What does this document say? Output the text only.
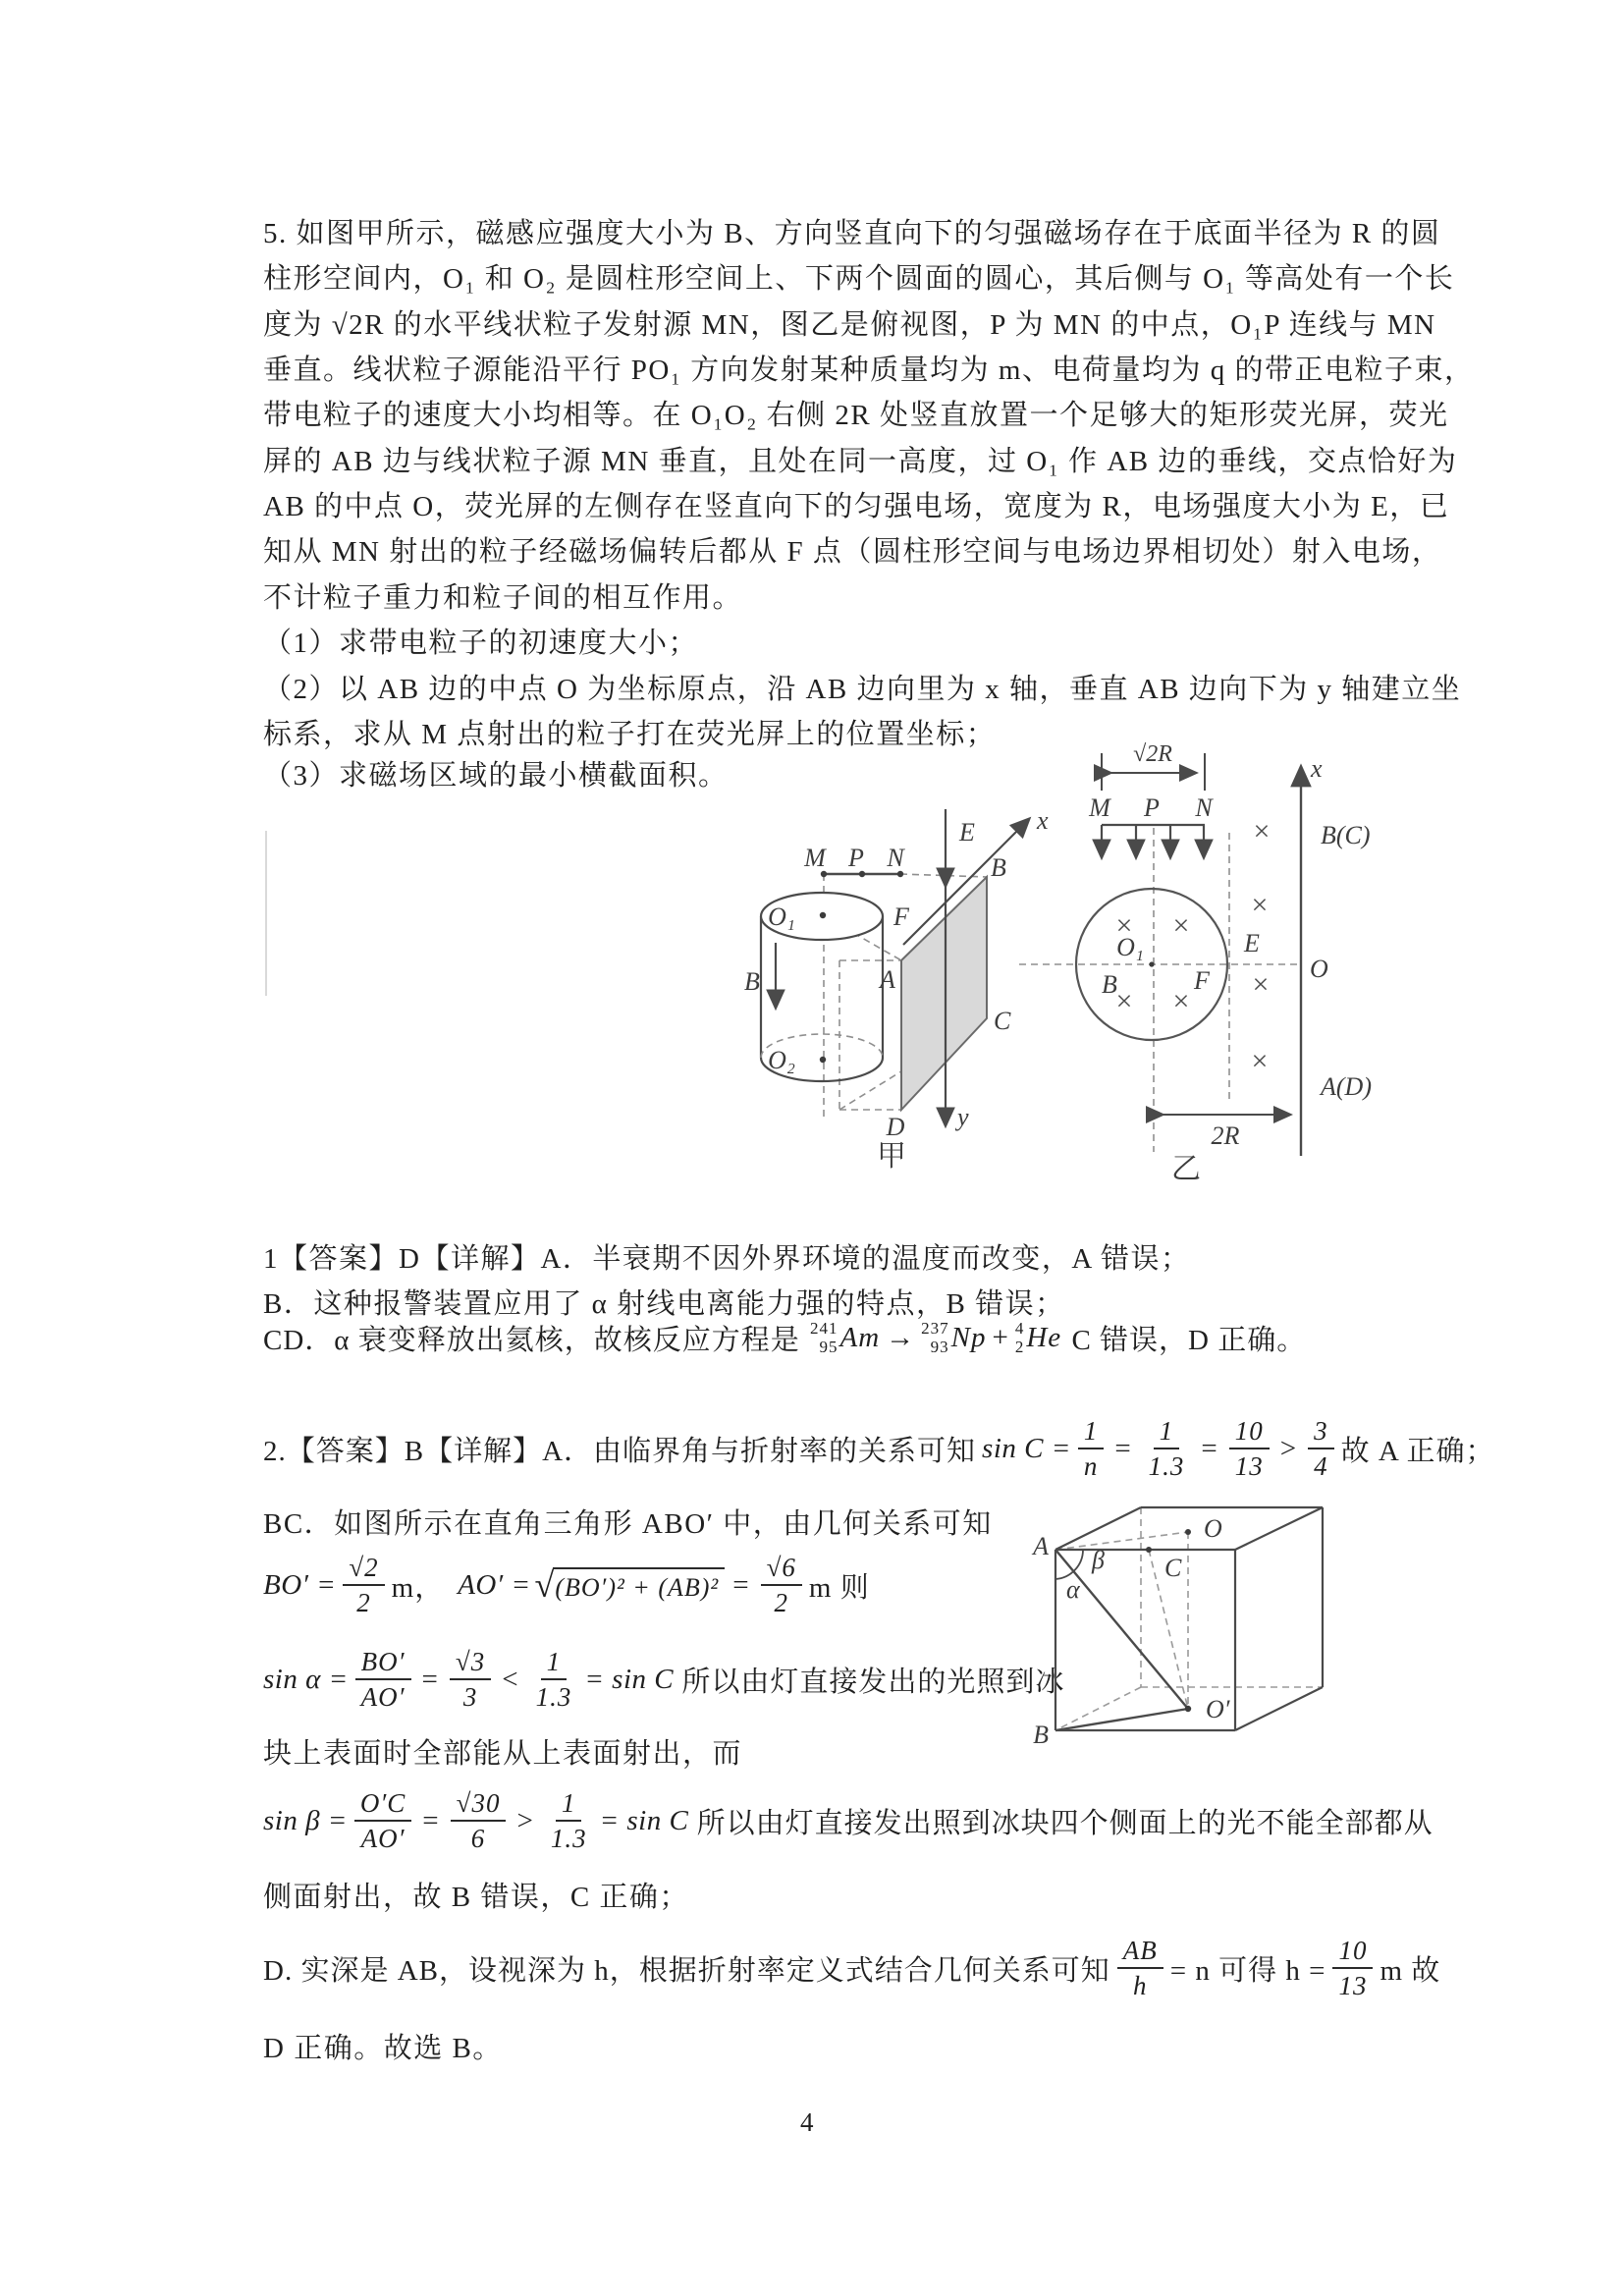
5. 如图甲所示，磁感应强度大小为 B、方向竖直向下的匀强磁场存在于底面半径为 R 的圆
柱形空间内，O₁ 和 O₂ 是圆柱形空间上、下两个圆面的圆心，其后侧与 O₁ 等高处有一个长
度为 √2R 的水平线状粒子发射源 MN，图乙是俯视图，P 为 MN 的中点，O₁P 连线与 MN
垂直。线状粒子源能沿平行 PO₁ 方向发射某种质量均为 m、电荷量均为 q 的带正电粒子束，
带电粒子的速度大小均相等。在 O₁O₂ 右侧 2R 处竖直放置一个足够大的矩形荧光屏，荧光
屏的 AB 边与线状粒子源 MN 垂直，且处在同一高度，过 O₁ 作 AB 边的垂线，交点恰好为
AB 的中点 O，荧光屏的左侧存在竖直向下的匀强电场，宽度为 R，电场强度大小为 E，已
知从 MN 射出的粒子经磁场偏转后都从 F 点（圆柱形空间与电场边界相切处）射入电场，
不计粒子重力和粒子间的相互作用。
（1）求带电粒子的初速度大小；
（2）以 AB 边的中点 O 为坐标原点，沿 AB 边向里为 x 轴，垂直 AB 边向下为 y 轴建立坐
标系，求从 M 点射出的粒子打在荧光屏上的位置坐标；
（3）求磁场区域的最小横截面积。
M P N
E x
y
B
O₁
O₂
F
A
B
C
D
甲
√2R
M P N
× ×
× ×
O₁
B	F
×
×
×
×
E
x
B(C)
O
A(D)
2R
乙
1【答案】D【详解】A．半衰期不因外界环境的温度而改变，A 错误；
B．这种报警装置应用了 α 射线电离能力强的特点，B 错误；
CD．α 衰变释放出氦核，故核反应方程是 241
95 Am → 237
93 Np + 4
2 He C 错误，D 正确。
2.【答案】B【详解】A．由临界角与折射率的关系可知 $\sin C = \frac{1}{n} = \frac{1}{1.3} = \frac{10}{13} > \frac{3}{4}$ 故 A 正确；
BC．如图所示在直角三角形 ABO′ 中，由几何关系可知
$BO' = \frac{√2}{2}$ m， AO′ = √ $(BO')^2 + (AB)^2 = \frac{√6}{2}$ m 则
$\sin \alpha = \frac{BO'}{AO'} = \frac{√3}{3} < \frac{1}{1.3} = \sin C$ 所以由灯直接发出的光照到冰
块上表面时全部能从上表面射出，而
$\sin \beta = \frac{O'C}{AO'} = \frac{√30}{6} > \frac{1}{1.3} = \sin C$ 所以由灯直接发出照到冰块四个侧面上的光不能全部都从
侧面射出，故 B 错误，C 正确；
D. 实深是 AB，设视深为 h，根据折射率定义式结合几何关系可知 $\frac{AB}{h} = n$ 可得 $h = \frac{10}{13}$ m 故
D 正确。故选 B。
O
A β
α
C
O′
B
4
